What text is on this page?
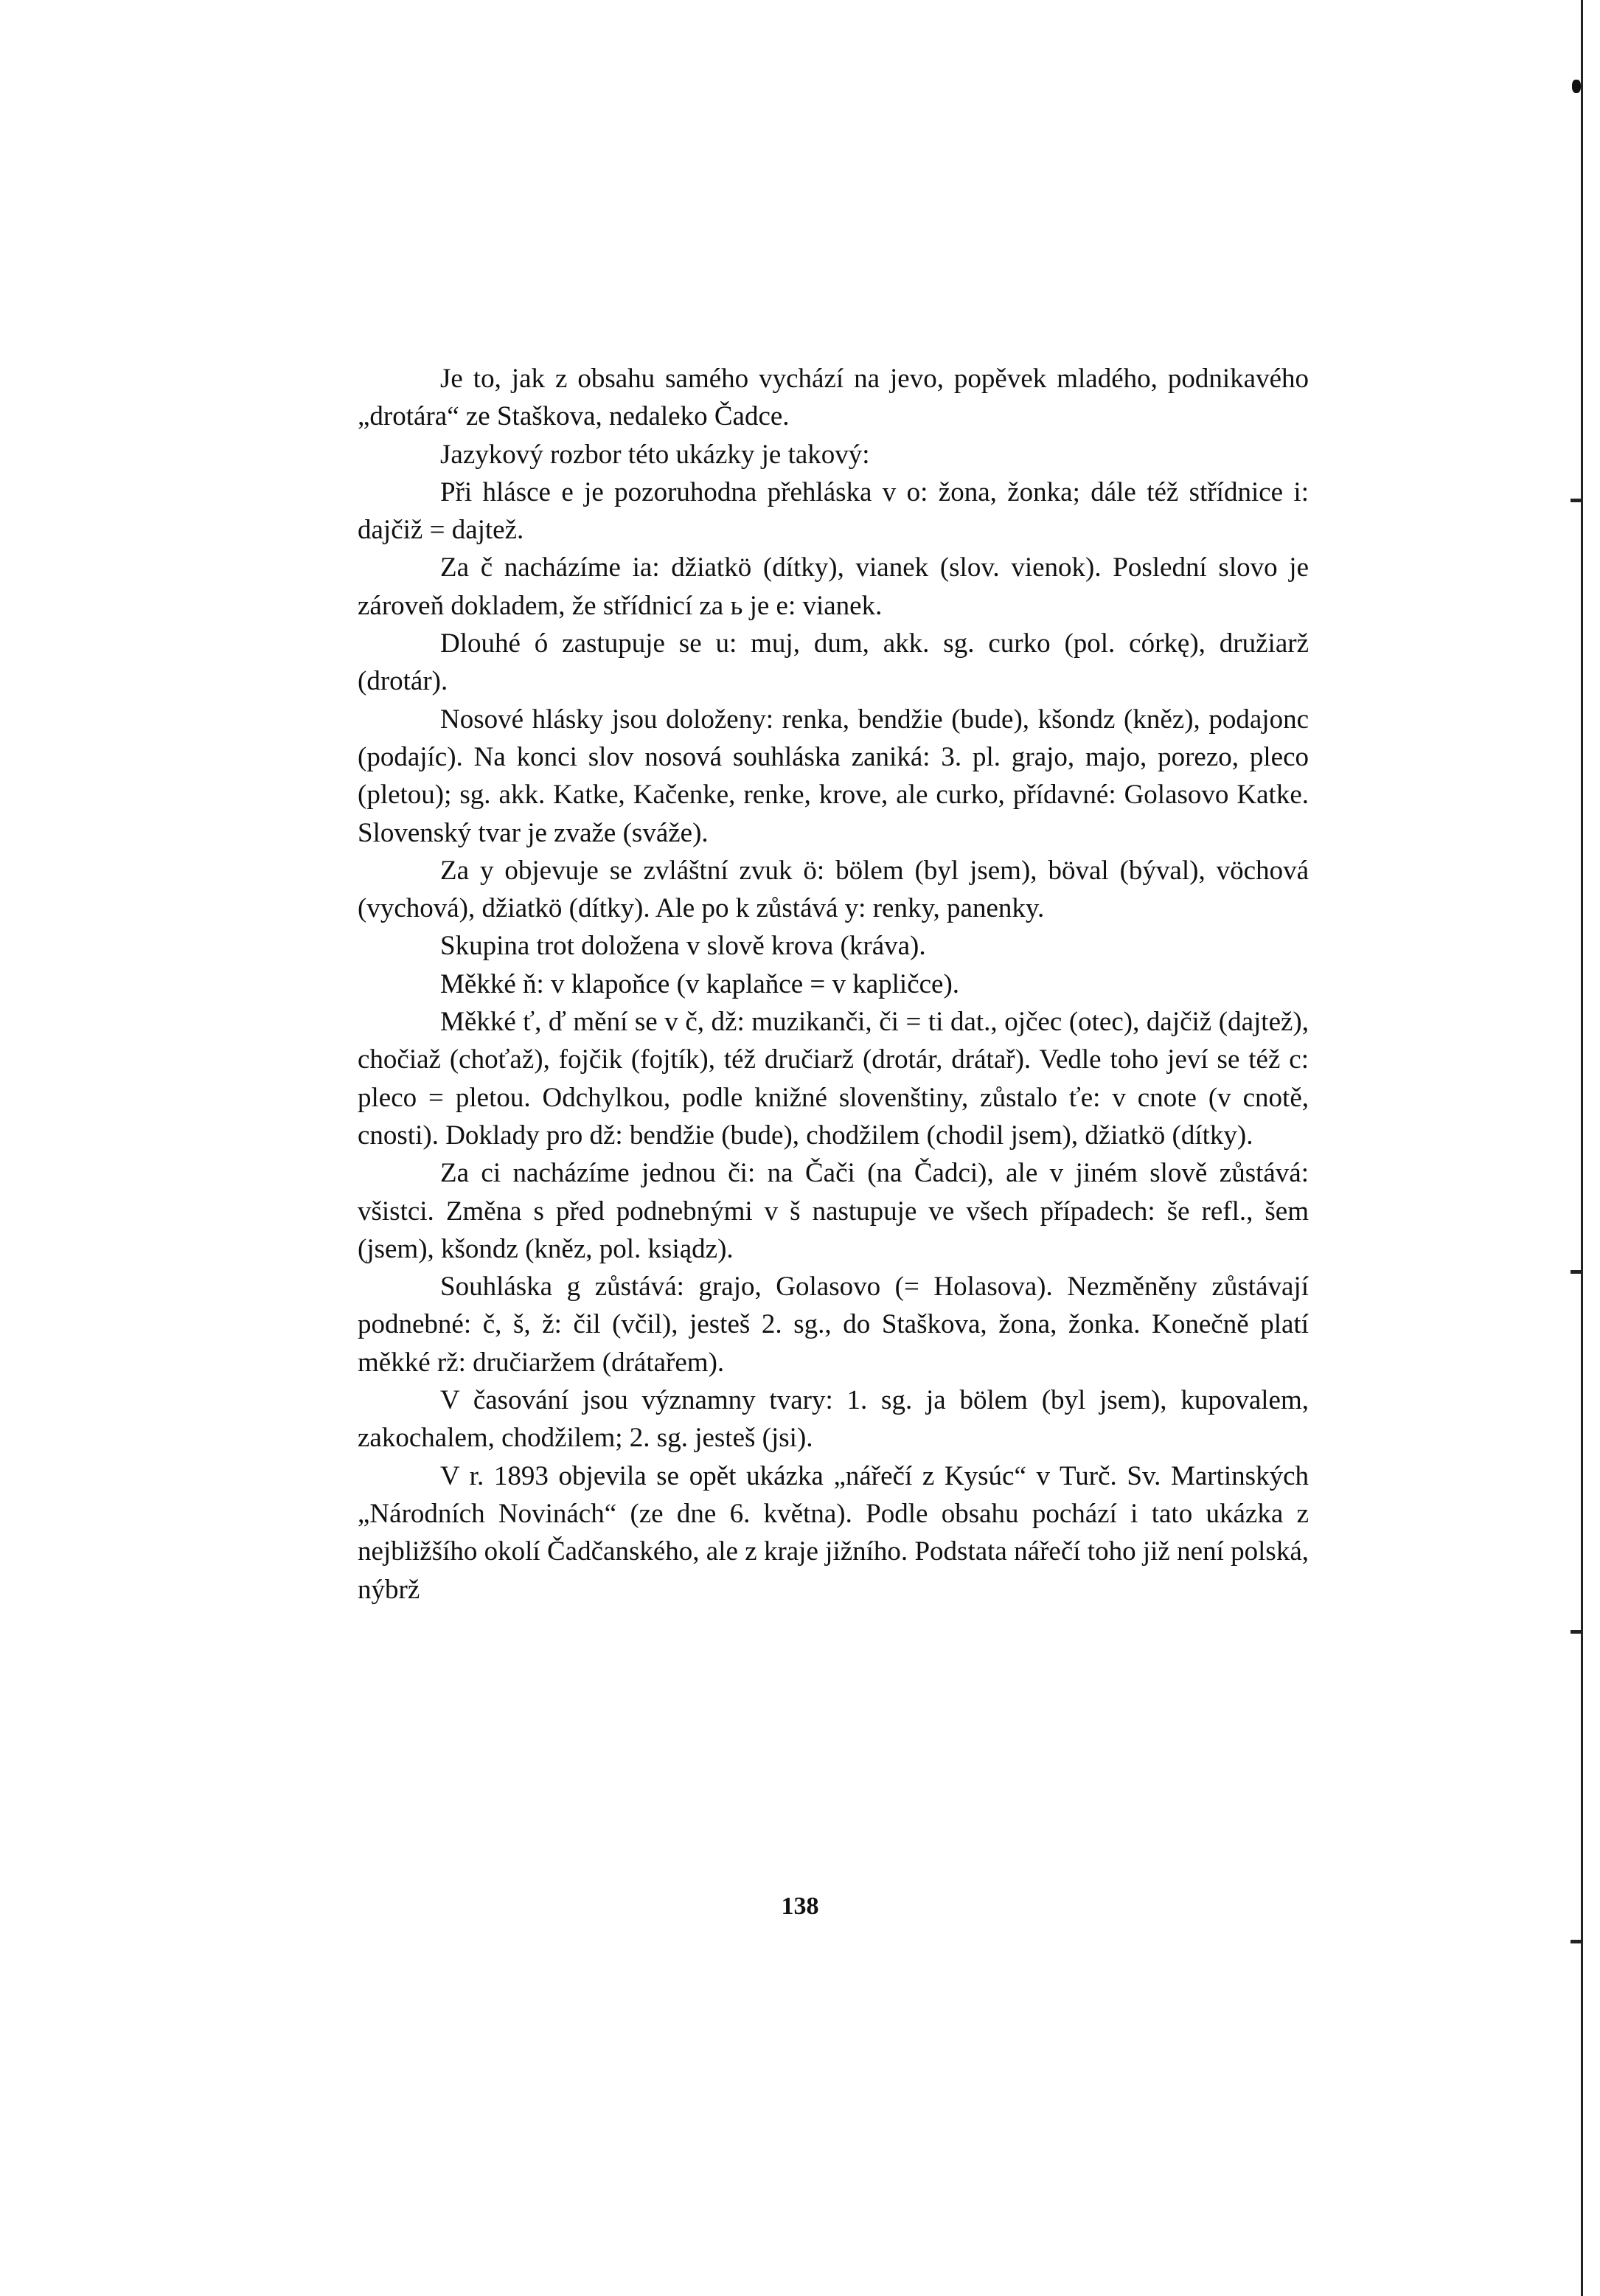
Je to, jak z obsahu samého vychází na jevo, popěvek mladého, podnikavého „drotára“ ze Staškova, nedaleko Čadce.

Jazykový rozbor této ukázky je takový:

Při hlásce e je pozoruhodna přehláska v o: žona, žonka; dále též střídnice i: dajčiž = dajtež.

Za č nacházíme ia: džiatkö (dítky), vianek (slov. vienok). Poslední slovo je zároveň dokladem, že střídnicí za ь je e: vianek.

Dlouhé ó zastupuje se u: muj, dum, akk. sg. curko (pol. córkę), družiarž (drotár).

Nosové hlásky jsou doloženy: renka, bendžie (bude), kšondz (kněz), podajonc (podajíc). Na konci slov nosová souhláska zaniká: 3. pl. grajo, majo, porezo, pleco (pletou); sg. akk. Katke, Kačenke, renke, krove, ale curko, přídavné: Golasovo Katke. Slovenský tvar je zvaže (sváže).

Za y objevuje se zvláštní zvuk ö: bölem (byl jsem), böval (býval), vöchová (vychová), džiatkö (dítky). Ale po k zůstává y: renky, panenky.

Skupina trot doložena v slově krova (kráva).

Měkké ň: v klapoňce (v kaplaňce = v kapličce).

Měkké ť, ď mění se v č, dž: muzikanči, či = ti dat., ojčec (otec), dajčiž (dajtež), chočiaž (choťaž), fojčik (fojtík), též dručiarž (drotár, drátař). Vedle toho jeví se též c: pleco = pletou. Odchylkou, podle knižné slovenštiny, zůstalo ťe: v cnote (v cnotě, cnosti). Doklady pro dž: bendžie (bude), chodžilem (chodil jsem), džiatkö (dítky).

Za ci nacházíme jednou či: na Čači (na Čadci), ale v jiném slově zůstává: všistci. Změna s před podnebnými v š nastupuje ve všech případech: še refl., šem (jsem), kšondz (kněz, pol. ksiądz).

Souhláska g zůstává: grajo, Golasovo (= Holasova). Nezměněny zůstávají podnebné: č, š, ž: čil (včil), jesteš 2. sg., do Staškova, žona, žonka. Konečně platí měkké rž: dručiaržem (drátařem).

V časování jsou významny tvary: 1. sg. ja bölem (byl jsem), kupovalem, zakochalem, chodžilem; 2. sg. jesteš (jsi).

V r. 1893 objevila se opět ukázka „nářečí z Kysúc“ v Turč. Sv. Martinských „Národních Novinách“ (ze dne 6. května). Podle obsahu pochází i tato ukázka z nejbližšího okolí Čadčanského, ale z kraje jižního. Podstata nářečí toho již není polská, nýbrž

138
